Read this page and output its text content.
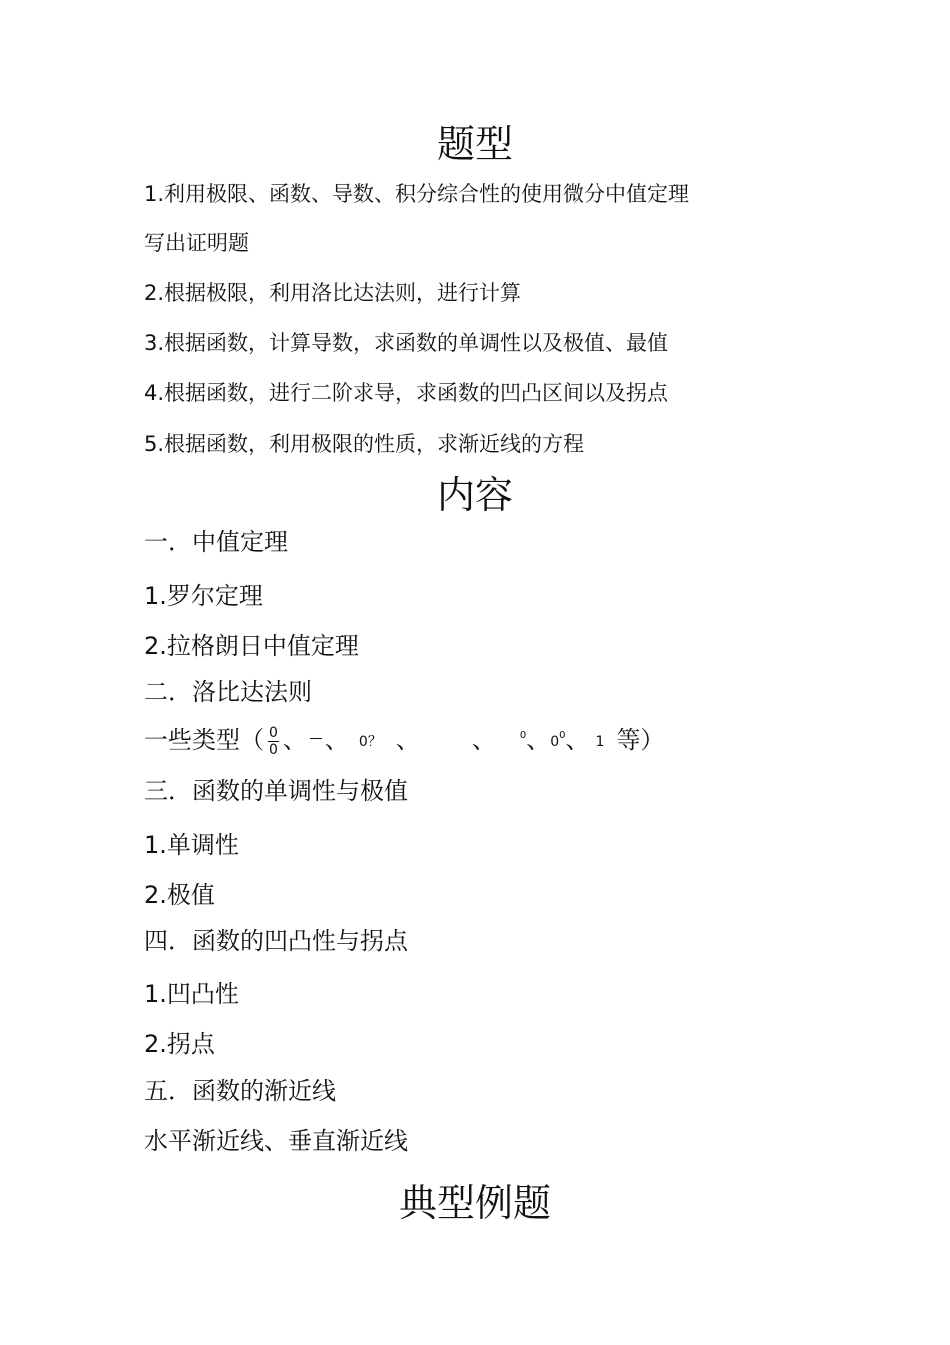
题型

1.利用极限、函数、导数、积分综合性的使用微分中值定理

写出证明题

2.根据极限，利用洛比达法则，进行计算

3.根据函数，计算导数，求函数的单调性以及极值、最值

4.根据函数，进行二阶求导，求函数的凹凸区间以及拐点

5.根据函数，利用极限的性质，求渐近线的方程

内容

一．中值定理

1.罗尔定理

2.拉格朗日中值定理

二．洛比达法则

一些类型（ $\frac{0}{0}$ 、 、 0？ 、	、 $^0$、$0^0$、 1 等）

三．函数的单调性与极值

1.单调性

2.极值

四．函数的凹凸性与拐点

1.凹凸性

2.拐点

五．函数的渐近线

水平渐近线、垂直渐近线

典型例题
